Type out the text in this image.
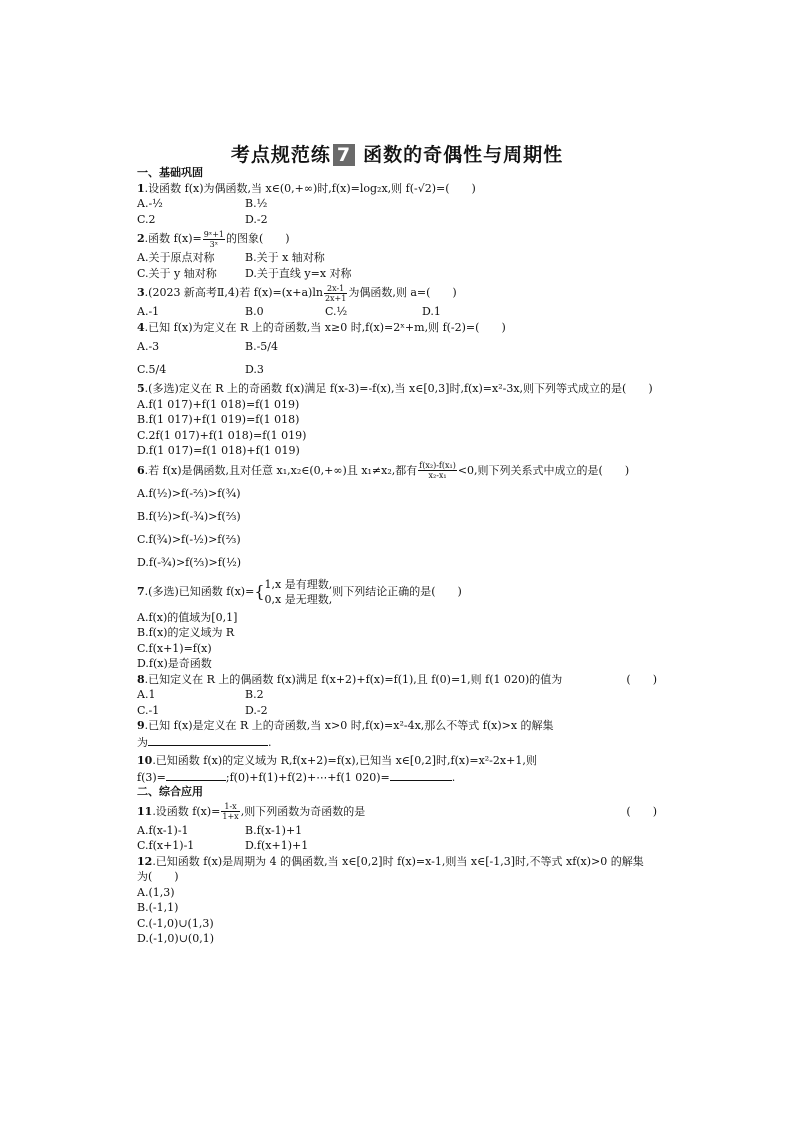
考点规范练 7 函数的奇偶性与周期性
一、基础巩固
1.设函数 f(x)为偶函数,当 x∈(0,+∞)时,f(x)=log₂x,则 f(-√2)=(　　)
A.-½	B.½
C.2	D.-2
2.函数 $f(x)= \frac{\text{9ˣ+1}}{\text{3ˣ}}$ 的图象(　　)
A.关于原点对称	B.关于 x 轴对称
C.关于 y 轴对称	D.关于直线 y=x 对称
3.(2023 新高考Ⅱ,4)若 $f(x)=(x+a)\ln \frac{2x-1}{2x+1}$ 为偶函数,则 a=(　　)
A.-1	B.0	C.½	D.1
4.已知 f(x)为定义在 R 上的奇函数,当 x≥0 时,f(x)=2ˣ+m,则 f(-2)=(　　)
A.-3	B.-5/4
C.5/4	D.3
5.(多选)定义在 R 上的奇函数 f(x)满足 f(x-3)=-f(x),当 x∈[0,3]时,f(x)=x²-3x,则下列等式成立的是(　　)
A.f(1 017)+f(1 018)=f(1 019)
B.f(1 017)+f(1 019)=f(1 018)
C.2f(1 017)+f(1 018)=f(1 019)
D.f(1 017)=f(1 018)+f(1 019)
6.若 f(x)是偶函数,且对任意 x₁,x₂∈(0,+∞)且 x₁≠x₂,都有 $\frac{\text{f(x₂)-f(x₁)}}{\text{x₂-x₁}} <0$,则下列关系式中成立的是(　　)
A.f(½)>f(-⅔)>f(¾)
B.f(½)>f(-¾)>f(⅔)
C.f(¾)>f(-½)>f(⅔)
D.f(-¾)>f(⅔)>f(½)
7.(多选)已知函数 f(x)={ 1,x 是有理数,
0,x 是无理数,
则下列结论正确的是(　　)
A.f(x)的值域为[0,1]
B.f(x)的定义域为 R
C.f(x+1)=f(x)
D.f(x)是奇函数
8.已知定义在 R 上的偶函数 f(x)满足 f(x+2)+f(x)=f(1),且 f(0)=1,则 f(1 020)的值为	(　　)
A.1	B.2
C.-1	D.-2
9.已知 f(x)是定义在 R 上的奇函数,当 x>0 时,f(x)=x²-4x,那么不等式 f(x)>x 的解集
为	.
10.已知函数 f(x)的定义域为 R,f(x+2)=f(x),已知当 x∈[0,2]时,f(x)=x²-2x+1,则
f(3)=	;f(0)+f(1)+f(2)+⋯+f(1 020)=	.
二、综合应用
11.设函数 $f(x)= \frac{1-x}{1+x}$ ,则下列函数为奇函数的是	(　　)
A.f(x-1)-1	B.f(x-1)+1
C.f(x+1)-1	D.f(x+1)+1
12.已知函数 f(x)是周期为 4 的偶函数,当 x∈[0,2]时 f(x)=x-1,则当 x∈[-1,3]时,不等式 xf(x)>0 的解集
为(　　)
A.(1,3)
B.(-1,1)
C.(-1,0)∪(1,3)
D.(-1,0)∪(0,1)
